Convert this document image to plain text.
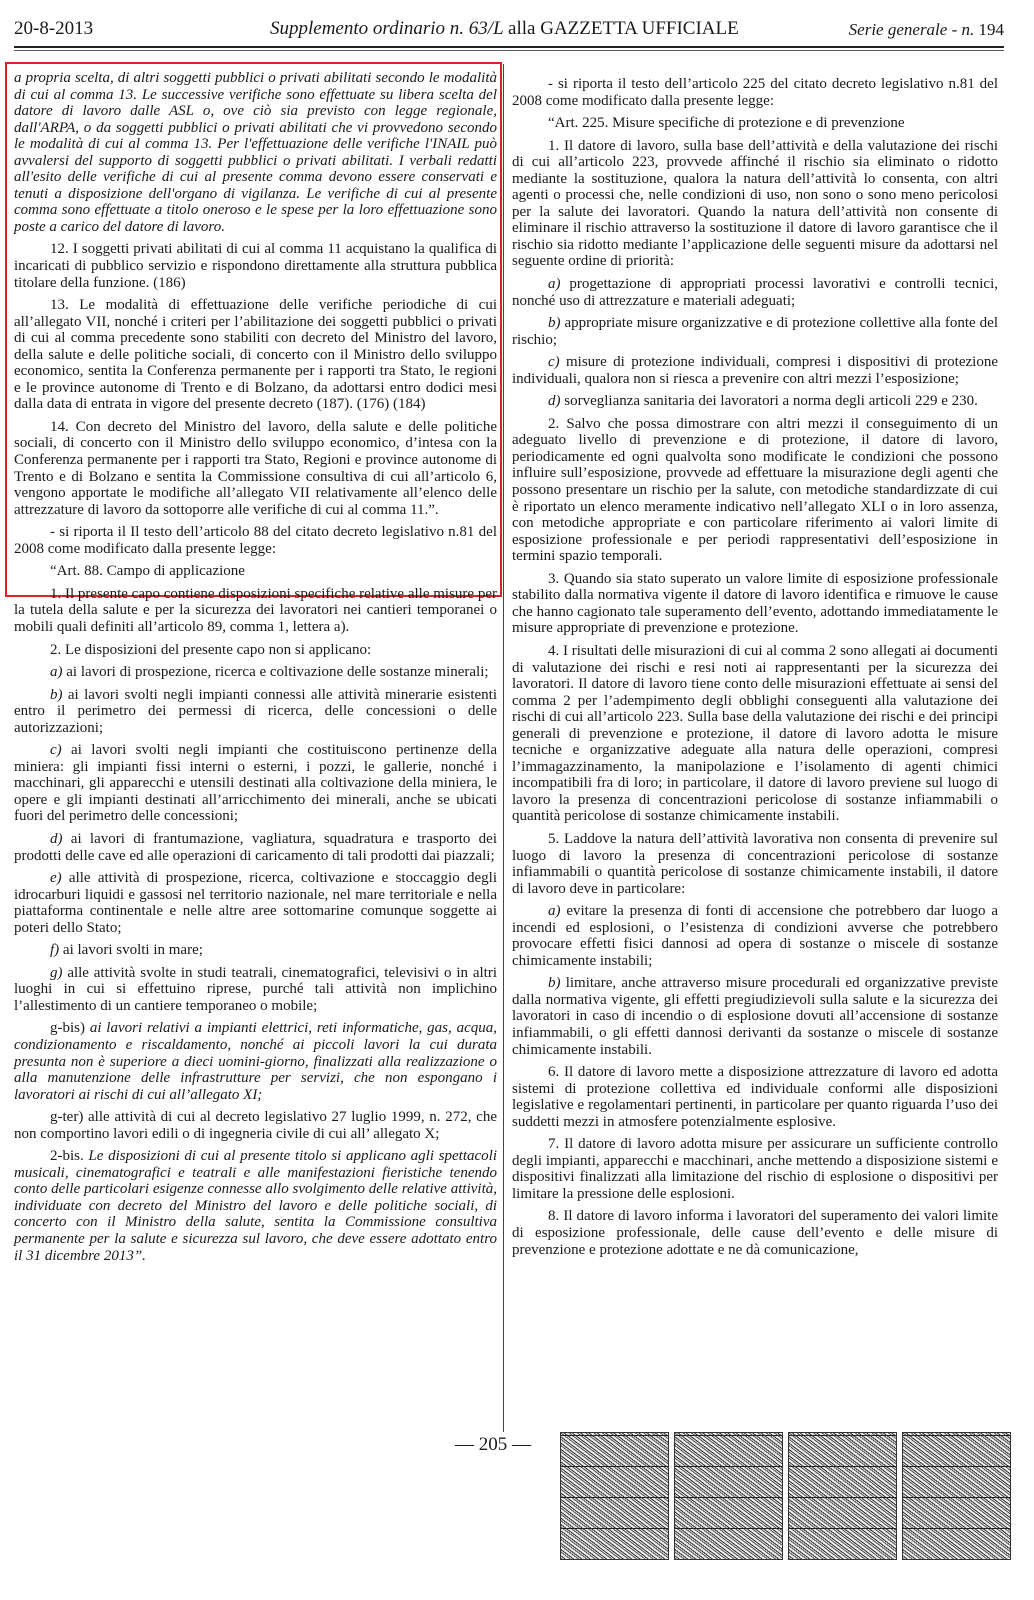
20-8-2013	Supplemento ordinario n. 63/L alla GAZZETTA UFFICIALE	Serie generale - n. 194

a propria scelta, di altri soggetti pubblici o privati abilitati secondo le modalità di cui al comma 13. Le successive verifiche sono effettuate su libera scelta del datore di lavoro dalle ASL o, ove ciò sia previsto con legge regionale, dall'ARPA, o da soggetti pubblici o privati abilitati che vi provvedono secondo le modalità di cui al comma 13. Per l'effettuazione delle verifiche l'INAIL può avvalersi del supporto di soggetti pubblici o privati abilitati. I verbali redatti all'esito delle verifiche di cui al presente comma devono essere conservati e tenuti a disposizione dell'organo di vigilanza. Le verifiche di cui al presente comma sono effettuate a titolo oneroso e le spese per la loro effettuazione sono poste a carico del datore di lavoro.

12. I soggetti privati abilitati di cui al comma 11 acquistano la qualifica di incaricati di pubblico servizio e rispondono direttamente alla struttura pubblica titolare della funzione. (186)

13. Le modalità di effettuazione delle verifiche periodiche di cui all’allegato VII, nonché i criteri per l’abilitazione dei soggetti pubblici o privati di cui al comma precedente sono stabiliti con decreto del Ministro del lavoro, della salute e delle politiche sociali, di concerto con il Ministro dello sviluppo economico, sentita la Conferenza permanente per i rapporti tra Stato, le regioni e le province autonome di Trento e di Bolzano, da adottarsi entro dodici mesi dalla data di entrata in vigore del presente decreto (187). (176) (184)

14. Con decreto del Ministro del lavoro, della salute e delle politiche sociali, di concerto con il Ministro dello sviluppo economico, d’intesa con la Conferenza permanente per i rapporti tra Stato, Regioni e province autonome di Trento e di Bolzano e sentita la Commissione consultiva di cui all’articolo 6, vengono apportate le modifiche all’allegato VII relativamente all’elenco delle attrezzature di lavoro da sottoporre alle verifiche di cui al comma 11.”.

- si riporta il Il testo dell’articolo 88 del citato decreto legislativo n.81 del 2008 come modificato dalla presente legge:

“Art. 88. Campo di applicazione

1. Il presente capo contiene disposizioni specifiche relative alle misure per la tutela della salute e per la sicurezza dei lavoratori nei cantieri temporanei o mobili quali definiti all’articolo 89, comma 1, lettera a).

2. Le disposizioni del presente capo non si applicano:

a) ai lavori di prospezione, ricerca e coltivazione delle sostanze minerali;

b) ai lavori svolti negli impianti connessi alle attività minerarie esistenti entro il perimetro dei permessi di ricerca, delle concessioni o delle autorizzazioni;

c) ai lavori svolti negli impianti che costituiscono pertinenze della miniera: gli impianti fissi interni o esterni, i pozzi, le gallerie, nonché i macchinari, gli apparecchi e utensili destinati alla coltivazione della miniera, le opere e gli impianti destinati all’arricchimento dei minerali, anche se ubicati fuori del perimetro delle concessioni;

d) ai lavori di frantumazione, vagliatura, squadratura e trasporto dei prodotti delle cave ed alle operazioni di caricamento di tali prodotti dai piazzali;

e) alle attività di prospezione, ricerca, coltivazione e stoccaggio degli idrocarburi liquidi e gassosi nel territorio nazionale, nel mare territoriale e nella piattaforma continentale e nelle altre aree sottomarine comunque soggette ai poteri dello Stato;

f) ai lavori svolti in mare;

g) alle attività svolte in studi teatrali, cinematografici, televisivi o in altri luoghi in cui si effettuino riprese, purché tali attività non implichino l’allestimento di un cantiere temporaneo o mobile;

g-bis) ai lavori relativi a impianti elettrici, reti informatiche, gas, acqua, condizionamento e riscaldamento, nonché ai piccoli lavori la cui durata presunta non è superiore a dieci uomini-giorno, finalizzati alla realizzazione o alla manutenzione delle infrastrutture per servizi, che non espongano i lavoratori ai rischi di cui all’allegato XI;

g-ter) alle attività di cui al decreto legislativo 27 luglio 1999, n. 272, che non comportino lavori edili o di ingegneria civile di cui all’ allegato X;

2-bis. Le disposizioni di cui al presente titolo si applicano agli spettacoli musicali, cinematografici e teatrali e alle manifestazioni fieristiche tenendo conto delle particolari esigenze connesse allo svolgimento delle relative attività, individuate con decreto del Ministro del lavoro e delle politiche sociali, di concerto con il Ministro della salute, sentita la Commissione consultiva permanente per la salute e sicurezza sul lavoro, che deve essere adottato entro il 31 dicembre 2013”.

- si riporta il testo dell’articolo 225 del citato decreto legislativo n.81 del 2008 come modificato dalla presente legge:

“Art. 225. Misure specifiche di protezione e di prevenzione

1. Il datore di lavoro, sulla base dell’attività e della valutazione dei rischi di cui all’articolo 223, provvede affinché il rischio sia eliminato o ridotto mediante la sostituzione, qualora la natura dell’attività lo consenta, con altri agenti o processi che, nelle condizioni di uso, non sono o sono meno pericolosi per la salute dei lavoratori. Quando la natura dell’attività non consente di eliminare il rischio attraverso la sostituzione il datore di lavoro garantisce che il rischio sia ridotto mediante l’applicazione delle seguenti misure da adottarsi nel seguente ordine di priorità:

a) progettazione di appropriati processi lavorativi e controlli tecnici, nonché uso di attrezzature e materiali adeguati;

b) appropriate misure organizzative e di protezione collettive alla fonte del rischio;

c) misure di protezione individuali, compresi i dispositivi di protezione individuali, qualora non si riesca a prevenire con altri mezzi l’esposizione;

d) sorveglianza sanitaria dei lavoratori a norma degli articoli 229 e 230.

2. Salvo che possa dimostrare con altri mezzi il conseguimento di un adeguato livello di prevenzione e di protezione, il datore di lavoro, periodicamente ed ogni qualvolta sono modificate le condizioni che possono influire sull’esposizione, provvede ad effettuare la misurazione degli agenti che possono presentare un rischio per la salute, con metodiche standardizzate di cui è riportato un elenco meramente indicativo nell’allegato XLI o in loro assenza, con metodiche appropriate e con particolare riferimento ai valori limite di esposizione professionale e per periodi rappresentativi dell’esposizione in termini spazio temporali.

3. Quando sia stato superato un valore limite di esposizione professionale stabilito dalla normativa vigente il datore di lavoro identifica e rimuove le cause che hanno cagionato tale superamento dell’evento, adottando immediatamente le misure appropriate di prevenzione e protezione.

4. I risultati delle misurazioni di cui al comma 2 sono allegati ai documenti di valutazione dei rischi e resi noti ai rappresentanti per la sicurezza dei lavoratori. Il datore di lavoro tiene conto delle misurazioni effettuate ai sensi del comma 2 per l’adempimento degli obblighi conseguenti alla valutazione dei rischi di cui all’articolo 223. Sulla base della valutazione dei rischi e dei principi generali di prevenzione e protezione, il datore di lavoro adotta le misure tecniche e organizzative adeguate alla natura delle operazioni, compresi l’immagazzinamento, la manipolazione e l’isolamento di agenti chimici incompatibili fra di loro; in particolare, il datore di lavoro previene sul luogo di lavoro la presenza di concentrazioni pericolose di sostanze infiammabili o quantità pericolose di sostanze chimicamente instabili.

5. Laddove la natura dell’attività lavorativa non consenta di prevenire sul luogo di lavoro la presenza di concentrazioni pericolose di sostanze infiammabili o quantità pericolose di sostanze chimicamente instabili, il datore di lavoro deve in particolare:

a) evitare la presenza di fonti di accensione che potrebbero dar luogo a incendi ed esplosioni, o l’esistenza di condizioni avverse che potrebbero provocare effetti fisici dannosi ad opera di sostanze o miscele di sostanze chimicamente instabili;

b) limitare, anche attraverso misure procedurali ed organizzative previste dalla normativa vigente, gli effetti pregiudizievoli sulla salute e la sicurezza dei lavoratori in caso di incendio o di esplosione dovuti all’accensione di sostanze infiammabili, o gli effetti dannosi derivanti da sostanze o miscele di sostanze chimicamente instabili.

6. Il datore di lavoro mette a disposizione attrezzature di lavoro ed adotta sistemi di protezione collettiva ed individuale conformi alle disposizioni legislative e regolamentari pertinenti, in particolare per quanto riguarda l’uso dei suddetti mezzi in atmosfere potenzialmente esplosive.

7. Il datore di lavoro adotta misure per assicurare un sufficiente controllo degli impianti, apparecchi e macchinari, anche mettendo a disposizione sistemi e dispositivi finalizzati alla limitazione del rischio di esplosione o dispositivi per limitare la pressione delle esplosioni.

8. Il datore di lavoro informa i lavoratori del superamento dei valori limite di esposizione professionale, delle cause dell’evento e delle misure di prevenzione e protezione adottate e ne dà comunicazione,

— 205 —
